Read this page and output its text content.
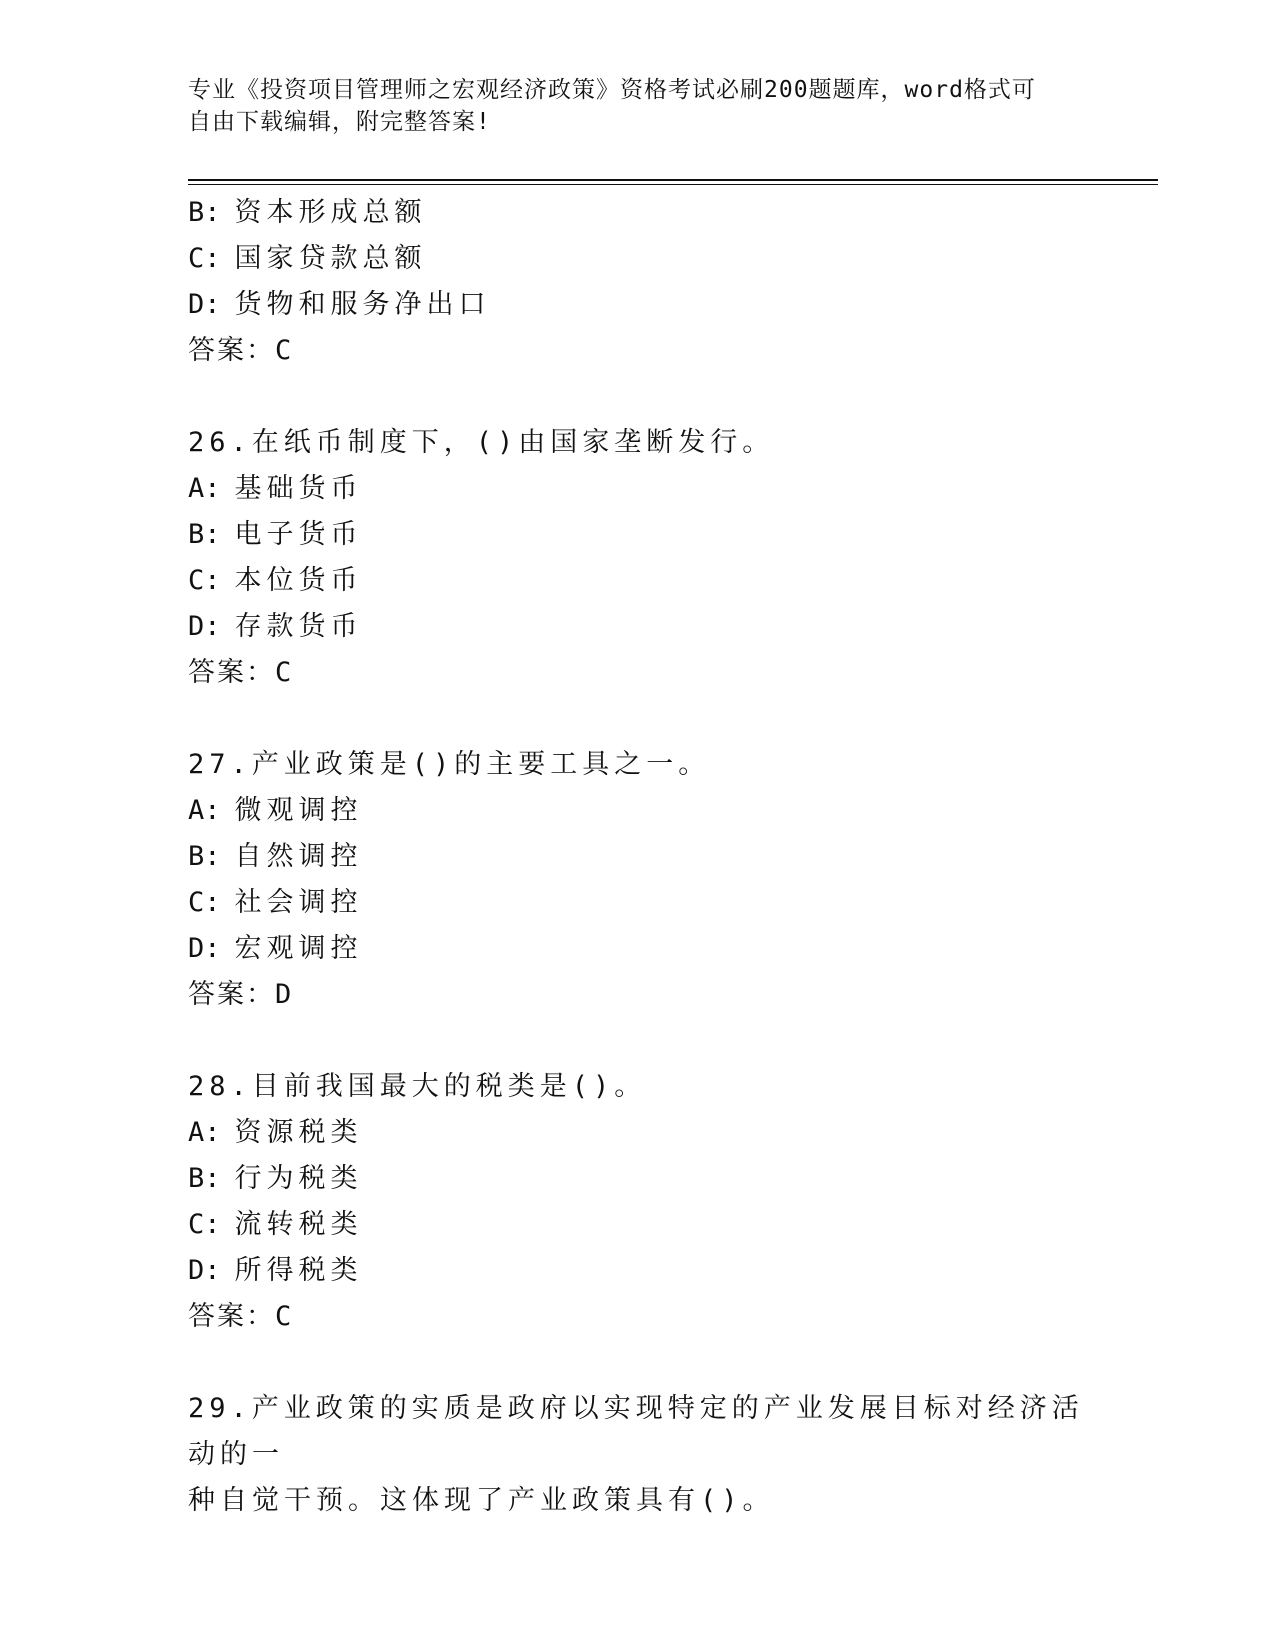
专业《投资项目管理师之宏观经济政策》资格考试必刷200题题库，word格式可
自由下载编辑，附完整答案!
B: 资本形成总额
C: 国家贷款总额
D: 货物和服务净出口
答案：C
26.在纸币制度下，()由国家垄断发行。
A: 基础货币
B: 电子货币
C: 本位货币
D: 存款货币
答案：C
27.产业政策是()的主要工具之一。
A: 微观调控
B: 自然调控
C: 社会调控
D: 宏观调控
答案：D
28.目前我国最大的税类是()。
A: 资源税类
B: 行为税类
C: 流转税类
D: 所得税类
答案：C
29.产业政策的实质是政府以实现特定的产业发展目标对经济活动的一
种自觉干预。这体现了产业政策具有()。
